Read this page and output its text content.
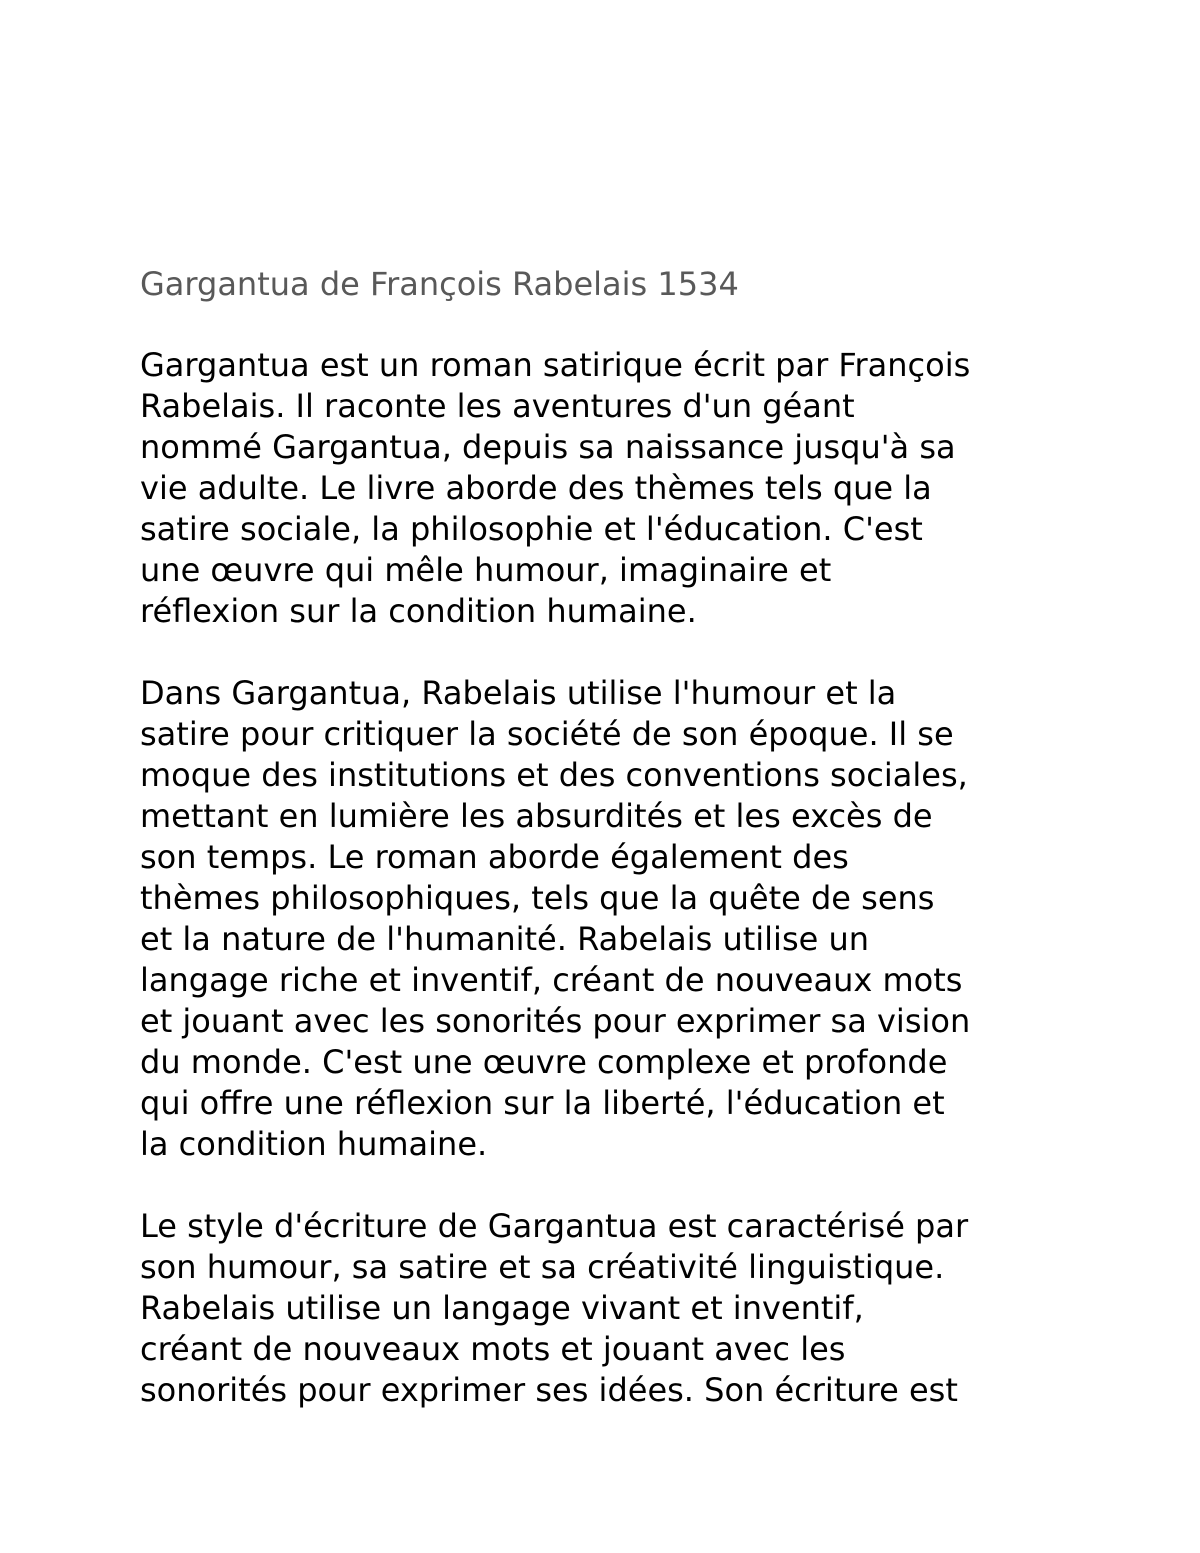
Gargantua de François Rabelais 1534

Gargantua est un roman satirique écrit par François
Rabelais. Il raconte les aventures d'un géant
nommé Gargantua, depuis sa naissance jusqu'à sa
vie adulte. Le livre aborde des thèmes tels que la
satire sociale, la philosophie et l'éducation. C'est
une œuvre qui mêle humour, imaginaire et
réflexion sur la condition humaine.

Dans Gargantua, Rabelais utilise l'humour et la
satire pour critiquer la société de son époque. Il se
moque des institutions et des conventions sociales,
mettant en lumière les absurdités et les excès de
son temps. Le roman aborde également des
thèmes philosophiques, tels que la quête de sens
et la nature de l'humanité. Rabelais utilise un
langage riche et inventif, créant de nouveaux mots
et jouant avec les sonorités pour exprimer sa vision
du monde. C'est une œuvre complexe et profonde
qui offre une réflexion sur la liberté, l'éducation et
la condition humaine.

Le style d'écriture de Gargantua est caractérisé par
son humour, sa satire et sa créativité linguistique.
Rabelais utilise un langage vivant et inventif,
créant de nouveaux mots et jouant avec les
sonorités pour exprimer ses idées. Son écriture est
